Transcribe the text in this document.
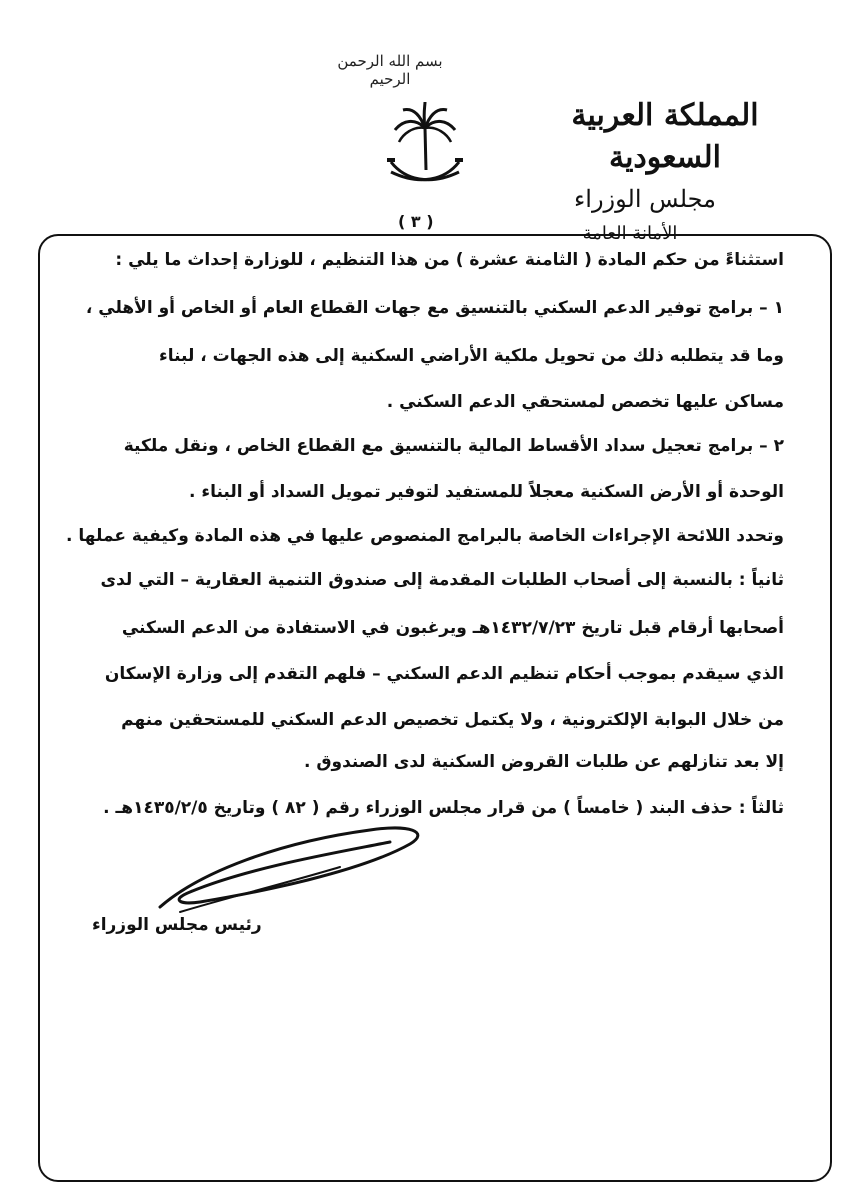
بسم الله الرحمن الرحيم
المملكة العربية السعودية
مجلس الوزراء
الأمانة العامة
( ٣ )
استثناءً من حكم المادة ( الثامنة عشرة ) من هذا التنظيم ، للوزارة إحداث ما يلي :
١ – برامج توفير الدعم السكني بالتنسيق مع جهات القطاع العام أو الخاص أو الأهلي ،
وما قد يتطلبه ذلك من تحويل ملكية الأراضي السكنية إلى هذه الجهات ، لبناء
مساكن عليها تخصص لمستحقي الدعم السكني .
٢ – برامج تعجيل سداد الأقساط المالية بالتنسيق مع القطاع الخاص ، ونقل ملكية
الوحدة أو الأرض السكنية معجلاً للمستفيد لتوفير تمويل السداد أو البناء .
وتحدد اللائحة الإجراءات الخاصة بالبرامج المنصوص عليها في هذه المادة وكيفية عملها .
ثانياً : بالنسبة إلى أصحاب الطلبات المقدمة إلى صندوق التنمية العقارية – التي لدى
أصحابها أرقام قبل تاريخ ١٤٣٢/٧/٢٣هـ ويرغبون في الاستفادة من الدعم السكني
الذي سيقدم بموجب أحكام تنظيم الدعم السكني – فلهم التقدم إلى وزارة الإسكان
من خلال البوابة الإلكترونية ، ولا يكتمل تخصيص الدعم السكني للمستحقين منهم
إلا بعد تنازلهم عن طلبات القروض السكنية لدى الصندوق .
ثالثاً : حذف البند ( خامساً ) من قرار مجلس الوزراء رقم ( ٨٢ ) وتاريخ ١٤٣٥/٢/٥هـ .
رئيس مجلس الوزراء
